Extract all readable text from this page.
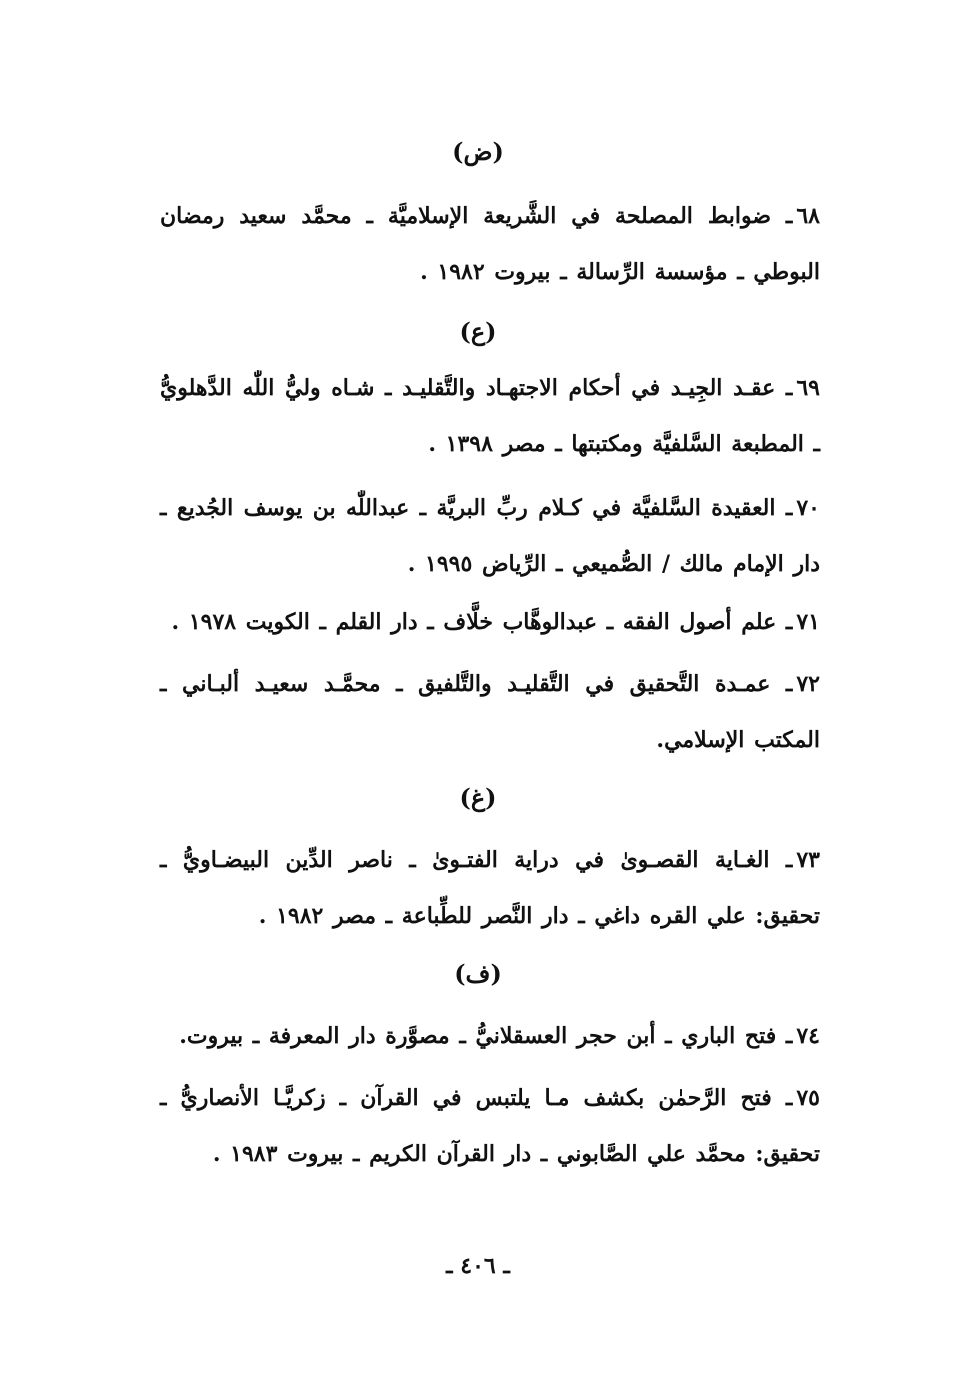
(ض)
٦٨ـ ضوابط المصلحة في الشَّريعة الإسلاميَّة ـ محمَّد سعيد رمضان البوطي ـ مؤسسة الرِّسالة ـ بيروت ١٩٨٢ .
(ع)
٦٩ـ عقـد الجِيـد في أحكام الاجتهـاد والتَّقليـد ـ شـاه وليُّ اللّٰه الدَّهلويُّ ـ المطبعة السَّلفيَّة ومكتبتها ـ مصر ١٣٩٨ .
٧٠ـ العقيدة السَّلفيَّة في كـلام ربِّ البريَّة ـ عبداللّٰه بن يوسف الجُديع ـ دار الإمام مالك / الصُّميعي ـ الرِّياض ١٩٩٥ .
٧١ـ علم أصول الفقه ـ عبدالوهَّاب خلَّاف ـ دار القلم ـ الكويت ١٩٧٨ .
٧٢ـ عمـدة التَّحقيق في التَّقليـد والتَّلفيق ـ محمَّـد سعيـد ألبـاني ـ المكتب الإسلامي.
(غ)
٧٣ـ الغـاية القصـوىٰ في دراية الفتـوىٰ ـ ناصر الدِّين البيضـاويُّ ـ تحقيق: علي القره داغي ـ دار النَّصر للطِّباعة ـ مصر ١٩٨٢ .
(ف)
٧٤ـ فتح الباري ـ أبن حجر العسقلانيُّ ـ مصوَّرة دار المعرفة ـ بيروت.
٧٥ـ فتح الرَّحمٰن بكشف مـا يلتبس في القرآن ـ زكريَّـا الأنصاريُّ ـ تحقيق: محمَّد علي الصَّابوني ـ دار القرآن الكريم ـ بيروت ١٩٨٣ .
ـ ٤٠٦ ـ
